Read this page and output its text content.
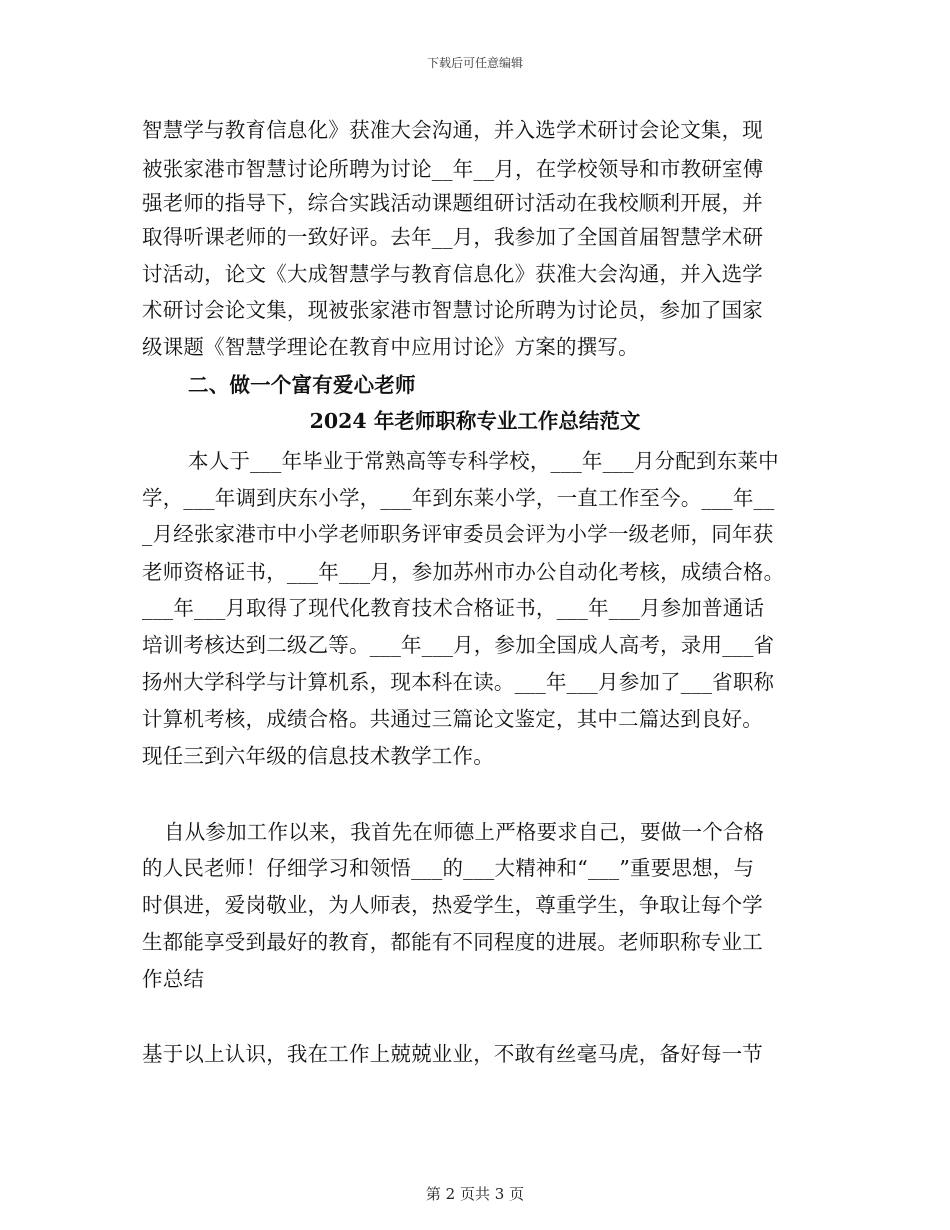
下载后可任意编辑
智慧学与教育信息化》获准大会沟通，并入选学术研讨会论文集，现
被张家港市智慧讨论所聘为讨论__年__月，在学校领导和市教研室傅
强老师的指导下，综合实践活动课题组研讨活动在我校顺利开展，并
取得听课老师的一致好评。去年__月，我参加了全国首届智慧学术研
讨活动，论文《大成智慧学与教育信息化》获准大会沟通，并入选学
术研讨会论文集，现被张家港市智慧讨论所聘为讨论员，参加了国家
级课题《智慧学理论在教育中应用讨论》方案的撰写。
二、做一个富有爱心老师
2024 年老师职称专业工作总结范文
本人于___年毕业于常熟高等专科学校，___年___月分配到东莱中
学，___年调到庆东小学，___年到东莱小学，一直工作至今。___年__
_月经张家港市中小学老师职务评审委员会评为小学一级老师，同年获
老师资格证书，___年___月，参加苏州市办公自动化考核，成绩合格。
___年___月取得了现代化教育技术合格证书，___年___月参加普通话
培训考核达到二级乙等。___年___月，参加全国成人高考，录用___省
扬州大学科学与计算机系，现本科在读。___年___月参加了___省职称
计算机考核，成绩合格。共通过三篇论文鉴定，其中二篇达到良好。
现任三到六年级的信息技术教学工作。
自从参加工作以来，我首先在师德上严格要求自己，要做一个合格
的人民老师！仔细学习和领悟___的___大精神和“___”重要思想，与
时俱进，爱岗敬业，为人师表，热爱学生，尊重学生，争取让每个学
生都能享受到最好的教育，都能有不同程度的进展。老师职称专业工
作总结
基于以上认识，我在工作上兢兢业业，不敢有丝毫马虎，备好每一节
第 2 页共 3 页
